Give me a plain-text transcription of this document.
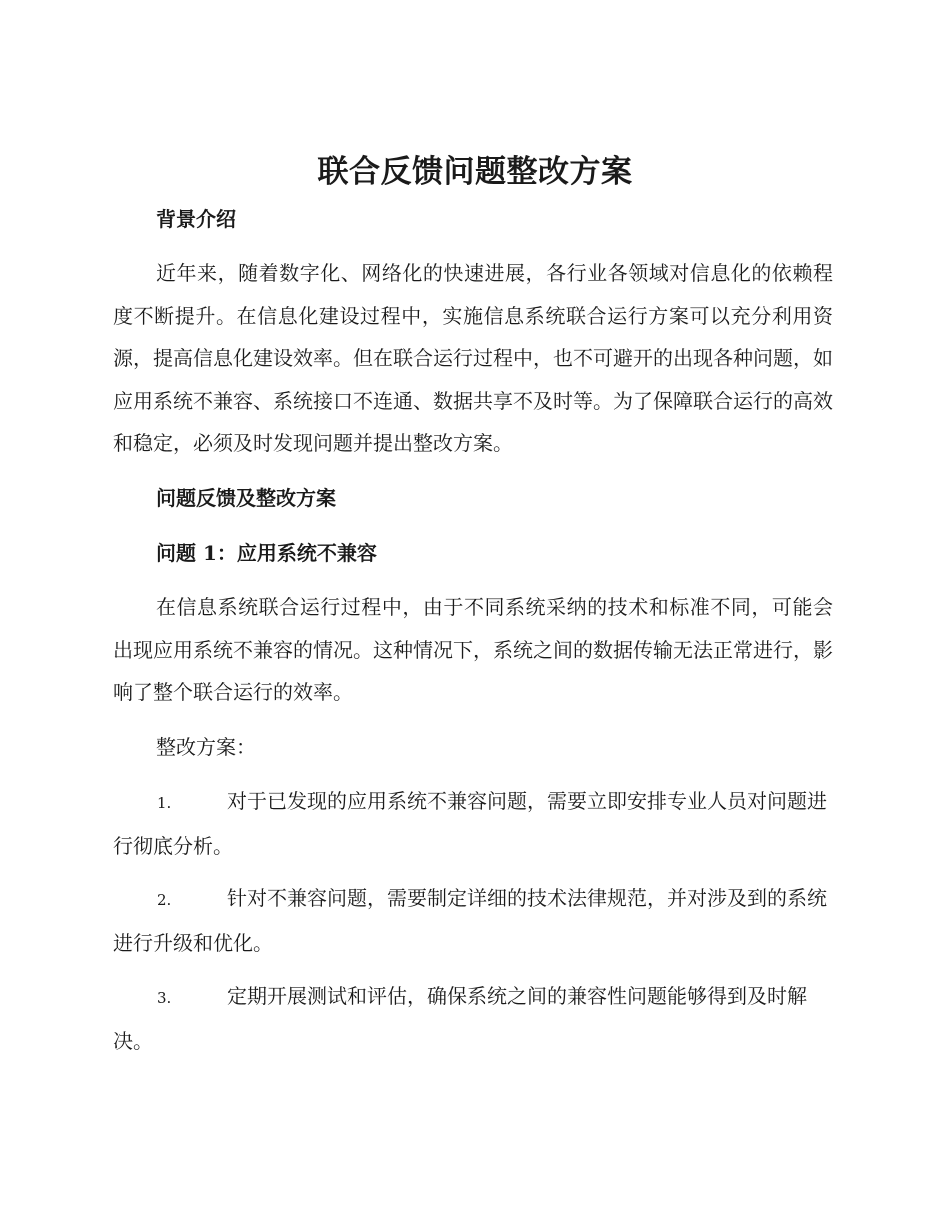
联合反馈问题整改方案
背景介绍

近年来，随着数字化、网络化的快速进展，各行业各领域对信息化的依赖程度不断提升。在信息化建设过程中，实施信息系统联合运行方案可以充分利用资源，提高信息化建设效率。但在联合运行过程中，也不可避开的出现各种问题，如应用系统不兼容、系统接口不连通、数据共享不及时等。为了保障联合运行的高效和稳定，必须及时发现问题并提出整改方案。

问题反馈及整改方案
问题 1：应用系统不兼容

在信息系统联合运行过程中，由于不同系统采纳的技术和标准不同，可能会出现应用系统不兼容的情况。这种情况下，系统之间的数据传输无法正常进行，影响了整个联合运行的效率。

整改方案：

1.	对于已发现的应用系统不兼容问题，需要立即安排专业人员对问题进行彻底分析。

2.	针对不兼容问题，需要制定详细的技术法律规范，并对涉及到的系统进行升级和优化。

3.	定期开展测试和评估，确保系统之间的兼容性问题能够得到及时解决。
